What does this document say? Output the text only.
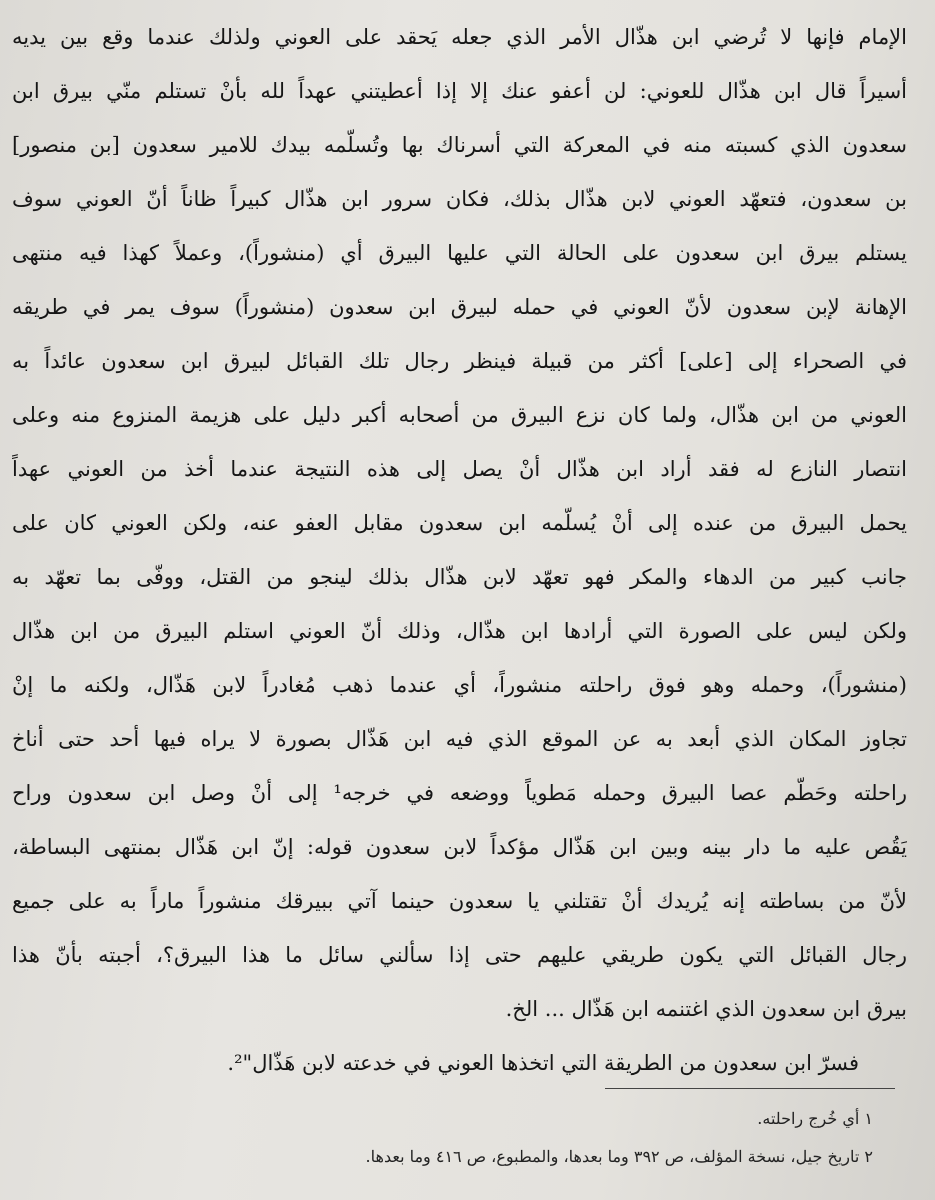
الإمام فإنها لا تُرضي ابن هذّال الأمر الذي جعله يَحقد على العوني ولذلك عندما وقع بين يديه
أسيراً قال ابن هذّال للعوني: لن أعفو عنك إلا إذا أعطيتني عهداً لله بأنْ تستلم منّي بيرق ابن
سعدون الذي كسبته منه في المعركة التي أسرناك بها وتُسلّمه بيدك للامير سعدون [بن منصور]
بن سعدون، فتعهّد العوني لابن هذّال بذلك، فكان سرور ابن هذّال كبيراً ظاناً أنّ العوني سوف
يستلم بيرق ابن سعدون على الحالة التي عليها البيرق أي (منشوراً)، وعملاً كهذا فيه منتهى
الإهانة لإبن سعدون لأنّ العوني في حمله لبيرق ابن سعدون (منشوراً) سوف يمر في طريقه
في الصحراء إلى [على] أكثر من قبيلة فينظر رجال تلك القبائل لبيرق ابن سعدون عائداً به
العوني من ابن هذّال، ولما كان نزع البيرق من أصحابه أكبر دليل على هزيمة المنزوع منه وعلى
انتصار النازع له فقد أراد ابن هذّال أنْ يصل إلى هذه النتيجة عندما أخذ من العوني عهداً
يحمل البيرق من عنده إلى أنْ يُسلّمه ابن سعدون مقابل العفو عنه، ولكن العوني كان على
جانب كبير من الدهاء والمكر فهو تعهّد لابن هذّال بذلك لينجو من القتل، ووفّى بما تعهّد به
ولكن ليس على الصورة التي أرادها ابن هذّال، وذلك أنّ العوني استلم البيرق من ابن هذّال
(منشوراً)، وحمله وهو فوق راحلته منشوراً، أي عندما ذهب مُغادراً لابن هَذّال، ولكنه ما إنْ
تجاوز المكان الذي أبعد به عن الموقع الذي فيه ابن هَذّال بصورة لا يراه فيها أحد حتى أناخ
راحلته وحَطّم عصا البيرق وحمله مَطوياً ووضعه في خرجه¹ إلى أنْ وصل ابن سعدون وراح
يَقُص عليه ما دار بينه وبين ابن هَذّال مؤكداً لابن سعدون قوله: إنّ ابن هَذّال بمنتهى البساطة،
لأنّ من بساطته إنه يُريدك أنْ تقتلني يا سعدون حينما آتي ببيرقك منشوراً ماراً به على جميع
رجال القبائل التي يكون طريقي عليهم حتى إذا سألني سائل ما هذا البيرق؟، أجبته بأنّ هذا
بيرق ابن سعدون الذي اغتنمه ابن هَذّال ... الخ.
فسرّ ابن سعدون من الطريقة التي اتخذها العوني في خدعته لابن هَذّال"².
١ أي خُرج راحلته.
٢ تاريخ جيل، نسخة المؤلف، ص ٣٩٢ وما بعدها، والمطبوع، ص ٤١٦ وما بعدها.
